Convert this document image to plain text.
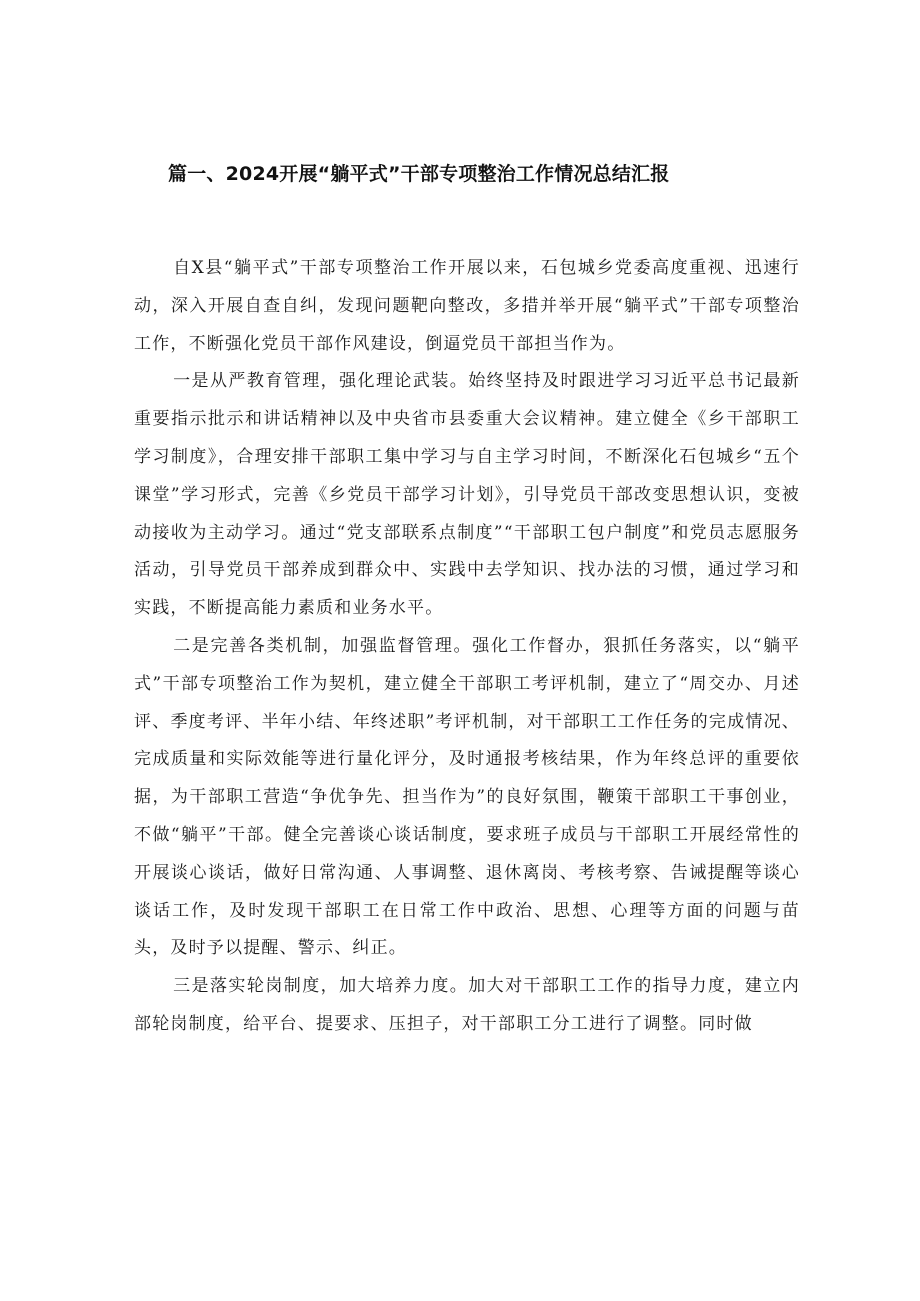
篇一、2024开展“躺平式”干部专项整治工作情况总结汇报

自X县“躺平式”干部专项整治工作开展以来，石包城乡党委高度重视、迅速行动，深入开展自查自纠，发现问题靶向整改，多措并举开展“躺平式”干部专项整治工作，不断强化党员干部作风建设，倒逼党员干部担当作为。

一是从严教育管理，强化理论武装。始终坚持及时跟进学习习近平总书记最新重要指示批示和讲话精神以及中央省市县委重大会议精神。建立健全《乡干部职工学习制度》，合理安排干部职工集中学习与自主学习时间，不断深化石包城乡“五个课堂”学习形式，完善《乡党员干部学习计划》，引导党员干部改变思想认识，变被动接收为主动学习。通过“党支部联系点制度”“干部职工包户制度”和党员志愿服务活动，引导党员干部养成到群众中、实践中去学知识、找办法的习惯，通过学习和实践，不断提高能力素质和业务水平。

二是完善各类机制，加强监督管理。强化工作督办，狠抓任务落实，以“躺平式”干部专项整治工作为契机，建立健全干部职工考评机制，建立了“周交办、月述评、季度考评、半年小结、年终述职”考评机制，对干部职工工作任务的完成情况、完成质量和实际效能等进行量化评分，及时通报考核结果，作为年终总评的重要依据，为干部职工营造“争优争先、担当作为”的良好氛围，鞭策干部职工干事创业，不做“躺平”干部。健全完善谈心谈话制度，要求班子成员与干部职工开展经常性的开展谈心谈话，做好日常沟通、人事调整、退休离岗、考核考察、告诫提醒等谈心谈话工作，及时发现干部职工在日常工作中政治、思想、心理等方面的问题与苗头，及时予以提醒、警示、纠正。

三是落实轮岗制度，加大培养力度。加大对干部职工工作的指导力度，建立内部轮岗制度，给平台、提要求、压担子，对干部职工分工进行了调整。同时做
